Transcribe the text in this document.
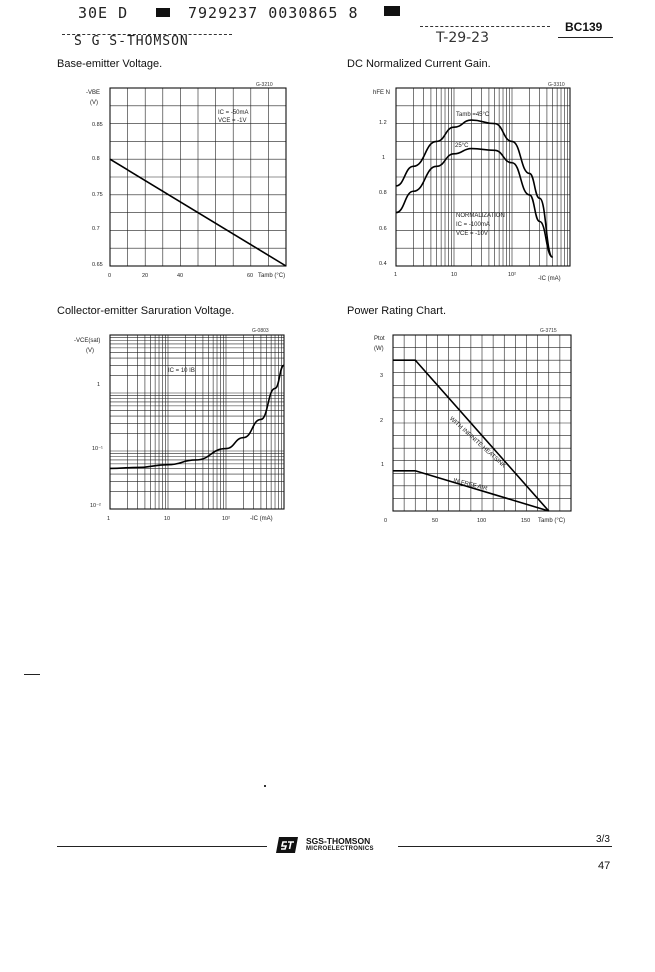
30E D	7929237 0030865 8
S G S-THOMSON	T-29-23
BC139
Base-emitter Voltage.
G-3210
-VBE
(V)
IC = -50mA
VCE = -1V
0.85
0.8
0.75
0.7
0.65
0	20	40	60 Tamb (°C)
DC Normalized Current Gain.
G-3310
hFE N
Tamb =45°C
25°C
NORMALIZATION
IC = -100mA
VCE = -10V
1.2
1
0.8
0.6
0.4
1	10	10²
-IC (mA)
Collector-emitter Saruration Voltage.
G-0803
-VCE(sat)
(V)
IC = 10 IB
1
10⁻¹
10⁻²
1	10	10²	-IC (mA)
Power Rating Chart.
G-3715
Ptot
(W)
WITH INFINITE HEATSINK
IN FREE AIR
3
2
1
0	50	100	150 Tamb (°C)
SGS-THOMSON
MICROELECTRONICS
3/3
47
